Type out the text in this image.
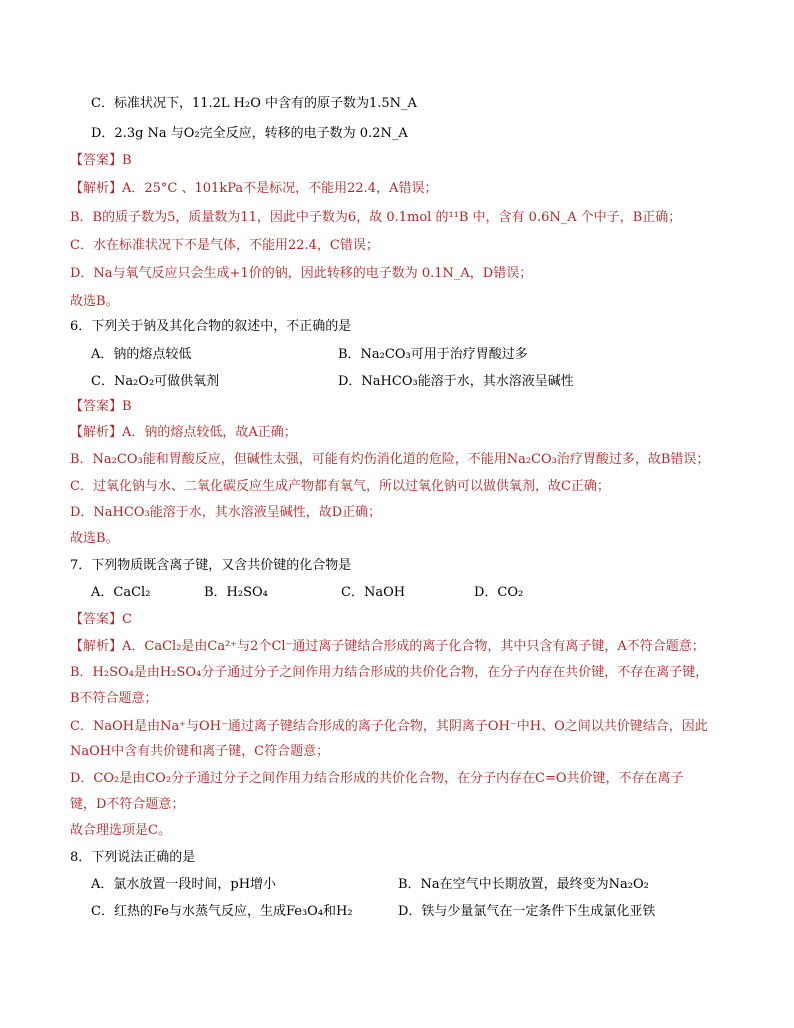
C．标准状况下，11.2L H₂O 中含有的原子数为1.5N_A
D．2.3g Na 与O₂完全反应，转移的电子数为 0.2N_A
【答案】B
【解析】A．25°C 、101kPa不是标况，不能用22.4，A错误；
B．B的质子数为5，质量数为11，因此中子数为6，故 0.1mol 的¹¹B 中，含有 0.6N_A 个中子，B正确；
C．水在标准状况下不是气体，不能用22.4，C错误；
D．Na与氧气反应只会生成+1价的钠，因此转移的电子数为 0.1N_A，D错误；
故选B。
6．下列关于钠及其化合物的叙述中，不正确的是
A．钠的熔点较低	B．Na₂CO₃可用于治疗胃酸过多
C．Na₂O₂可做供氧剂	D．NaHCO₃能溶于水，其水溶液呈碱性
【答案】B
【解析】A．钠的熔点较低，故A正确；
B．Na₂CO₃能和胃酸反应，但碱性太强，可能有灼伤消化道的危险，不能用Na₂CO₃治疗胃酸过多，故B错误；
C．过氧化钠与水、二氧化碳反应生成产物都有氧气，所以过氧化钠可以做供氧剂，故C正确；
D．NaHCO₃能溶于水，其水溶液呈碱性，故D正确；
故选B。
7．下列物质既含离子键，又含共价键的化合物是
A．CaCl₂	B．H₂SO₄	C．NaOH	D．CO₂
【答案】C
【解析】A．CaCl₂是由Ca²⁺与2个Cl⁻通过离子键结合形成的离子化合物，其中只含有离子键，A不符合题意；
B．H₂SO₄是由H₂SO₄分子通过分子之间作用力结合形成的共价化合物，在分子内存在共价键，不存在离子键，
B不符合题意；
C．NaOH是由Na⁺与OH⁻通过离子键结合形成的离子化合物，其阴离子OH⁻中H、O之间以共价键结合，因此
NaOH中含有共价键和离子键，C符合题意；
D．CO₂是由CO₂分子通过分子之间作用力结合形成的共价化合物，在分子内存在C=O共价键，不存在离子
键，D不符合题意；
故合理选项是C。
8．下列说法正确的是
A．氯水放置一段时间，pH增小	B．Na在空气中长期放置，最终变为Na₂O₂
C．红热的Fe与水蒸气反应，生成Fe₃O₄和H₂	D．铁与少量氯气在一定条件下生成氯化亚铁
